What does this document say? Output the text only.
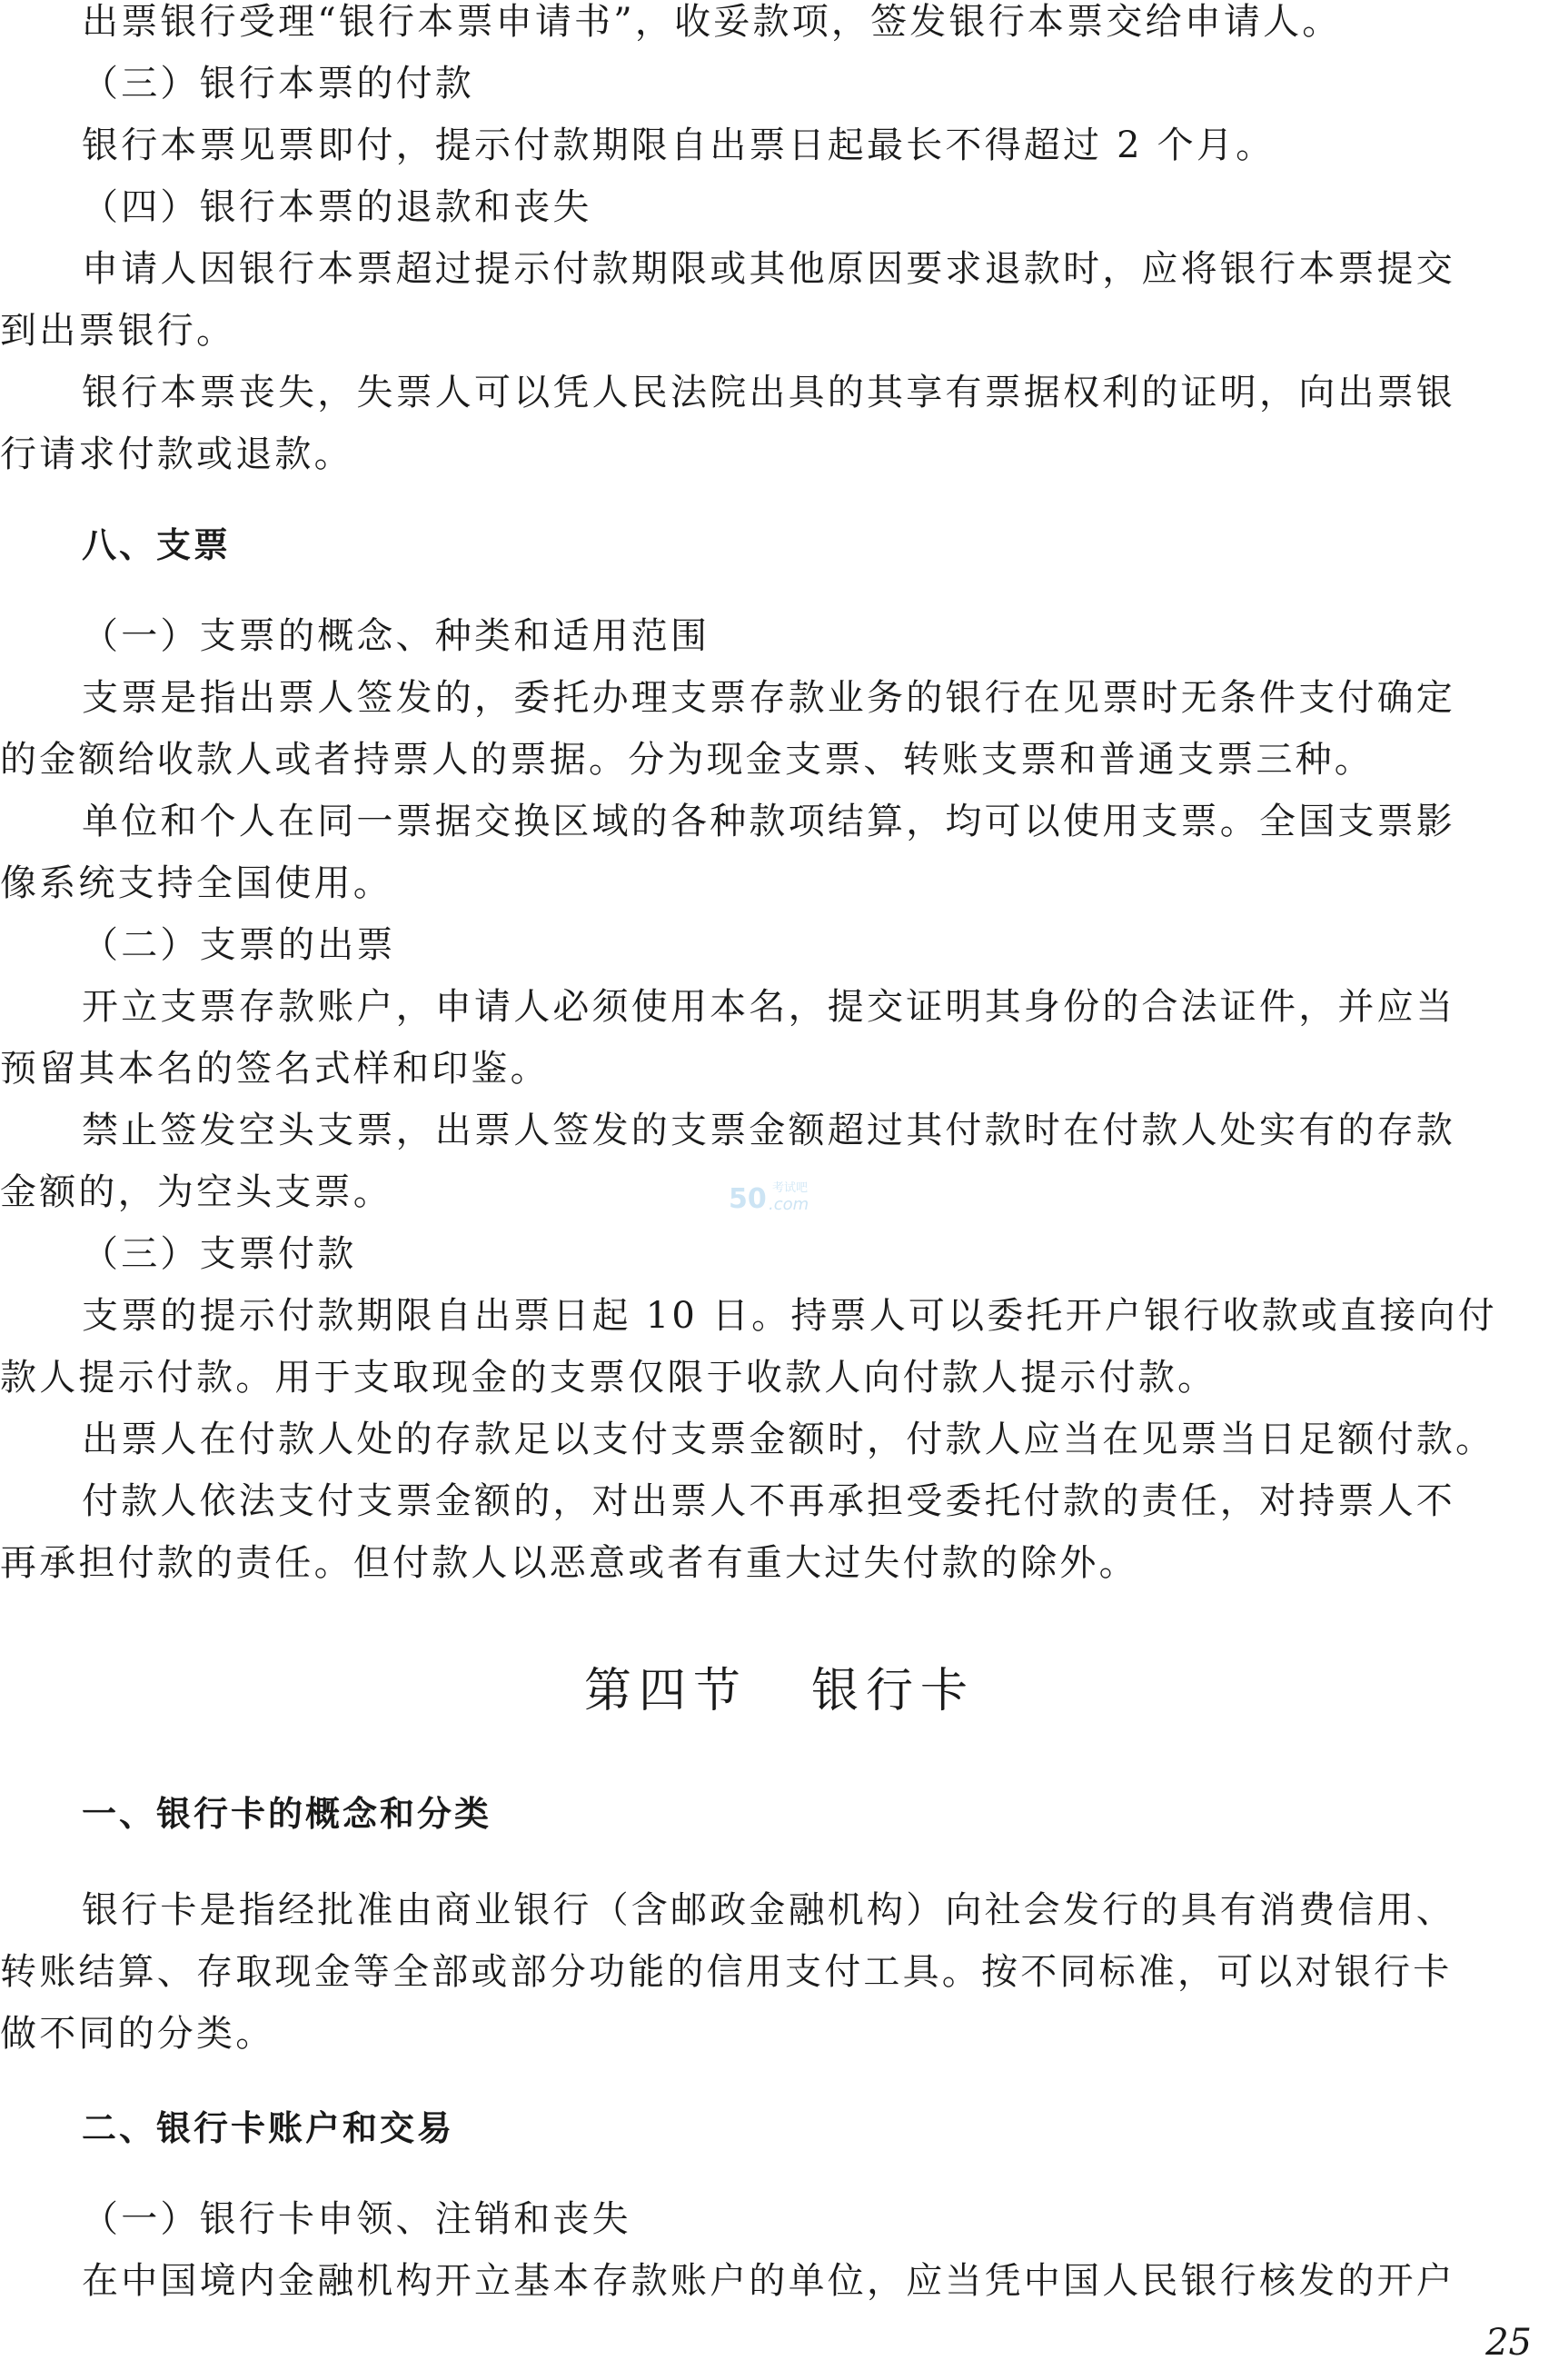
出票银行受理“银行本票申请书”，收妥款项，签发银行本票交给申请人。
（三）银行本票的付款
银行本票见票即付，提示付款期限自出票日起最长不得超过 2 个月。
（四）银行本票的退款和丧失
申请人因银行本票超过提示付款期限或其他原因要求退款时，应将银行本票提交
到出票银行。
银行本票丧失，失票人可以凭人民法院出具的其享有票据权利的证明，向出票银
行请求付款或退款。
八、支票
（一）支票的概念、种类和适用范围
支票是指出票人签发的，委托办理支票存款业务的银行在见票时无条件支付确定
的金额给收款人或者持票人的票据。分为现金支票、转账支票和普通支票三种。
单位和个人在同一票据交换区域的各种款项结算，均可以使用支票。全国支票影
像系统支持全国使用。
（二）支票的出票
开立支票存款账户，申请人必须使用本名，提交证明其身份的合法证件，并应当
预留其本名的签名式样和印鉴。
禁止签发空头支票，出票人签发的支票金额超过其付款时在付款人处实有的存款
金额的，为空头支票。
（三）支票付款
支票的提示付款期限自出票日起 10 日。持票人可以委托开户银行收款或直接向付
款人提示付款。用于支取现金的支票仅限于收款人向付款人提示付款。
出票人在付款人处的存款足以支付支票金额时，付款人应当在见票当日足额付款。
付款人依法支付支票金额的，对出票人不再承担受委托付款的责任，对持票人不
再承担付款的责任。但付款人以恶意或者有重大过失付款的除外。
第四节 银行卡
一、银行卡的概念和分类
银行卡是指经批准由商业银行（含邮政金融机构）向社会发行的具有消费信用、
转账结算、存取现金等全部或部分功能的信用支付工具。按不同标准，可以对银行卡
做不同的分类。
二、银行卡账户和交易
（一）银行卡申领、注销和丧失
在中国境内金融机构开立基本存款账户的单位，应当凭中国人民银行核发的开户
25
50 考试吧
.com
